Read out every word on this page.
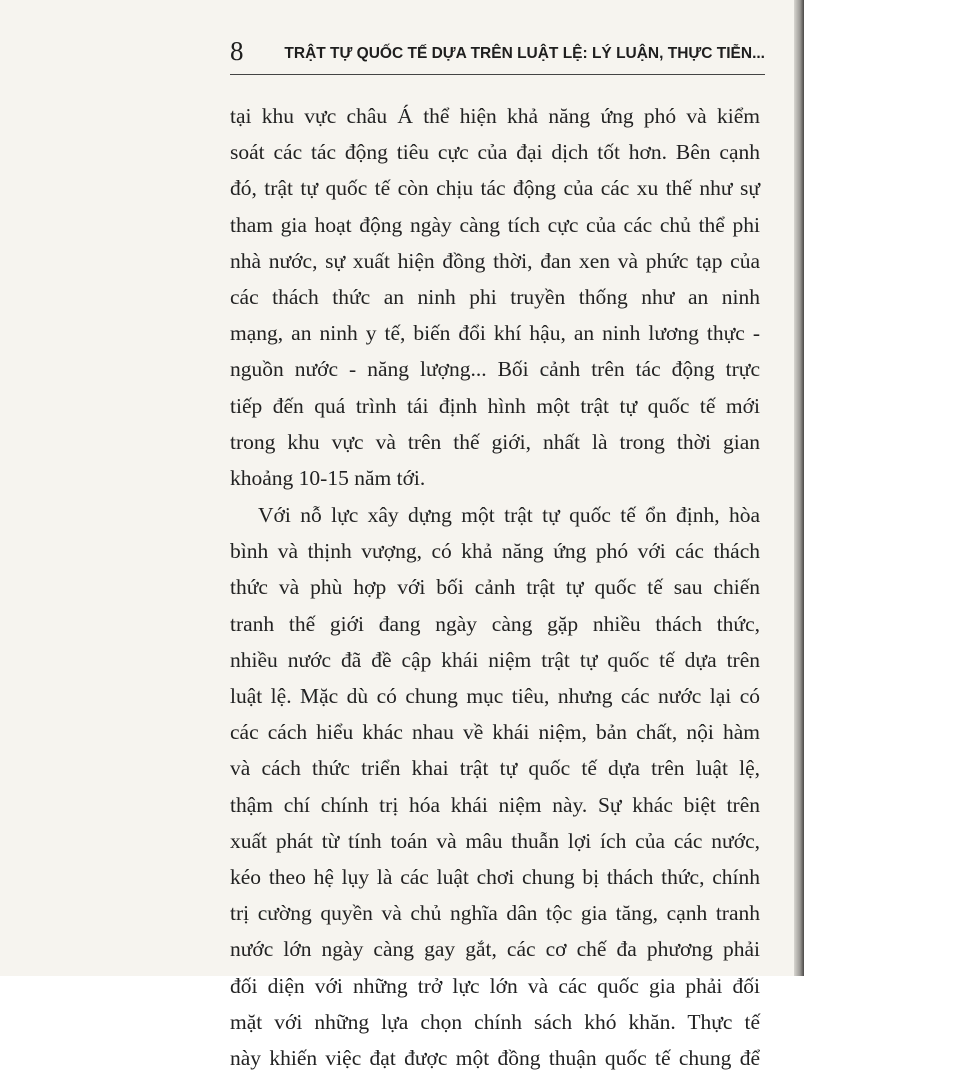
8	TRẬT TỰ QUỐC TẾ DỰA TRÊN LUẬT LỆ: LÝ LUẬN, THỰC TIỄN...
tại khu vực châu Á thể hiện khả năng ứng phó và kiểm
soát các tác động tiêu cực của đại dịch tốt hơn. Bên cạnh
đó, trật tự quốc tế còn chịu tác động của các xu thế như sự
tham gia hoạt động ngày càng tích cực của các chủ thể phi
nhà nước, sự xuất hiện đồng thời, đan xen và phức tạp của
các thách thức an ninh phi truyền thống như an ninh
mạng, an ninh y tế, biến đổi khí hậu, an ninh lương thực -
nguồn nước - năng lượng... Bối cảnh trên tác động trực
tiếp đến quá trình tái định hình một trật tự quốc tế mới
trong khu vực và trên thế giới, nhất là trong thời gian
khoảng 10-15 năm tới.
Với nỗ lực xây dựng một trật tự quốc tế ổn định, hòa
bình và thịnh vượng, có khả năng ứng phó với các thách
thức và phù hợp với bối cảnh trật tự quốc tế sau chiến
tranh thế giới đang ngày càng gặp nhiều thách thức,
nhiều nước đã đề cập khái niệm trật tự quốc tế dựa trên
luật lệ. Mặc dù có chung mục tiêu, nhưng các nước lại có
các cách hiểu khác nhau về khái niệm, bản chất, nội hàm
và cách thức triển khai trật tự quốc tế dựa trên luật lệ,
thậm chí chính trị hóa khái niệm này. Sự khác biệt trên
xuất phát từ tính toán và mâu thuẫn lợi ích của các nước,
kéo theo hệ lụy là các luật chơi chung bị thách thức, chính
trị cường quyền và chủ nghĩa dân tộc gia tăng, cạnh tranh
nước lớn ngày càng gay gắt, các cơ chế đa phương phải
đối diện với những trở lực lớn và các quốc gia phải đối
mặt với những lựa chọn chính sách khó khăn. Thực tế
này khiến việc đạt được một đồng thuận quốc tế chung để
